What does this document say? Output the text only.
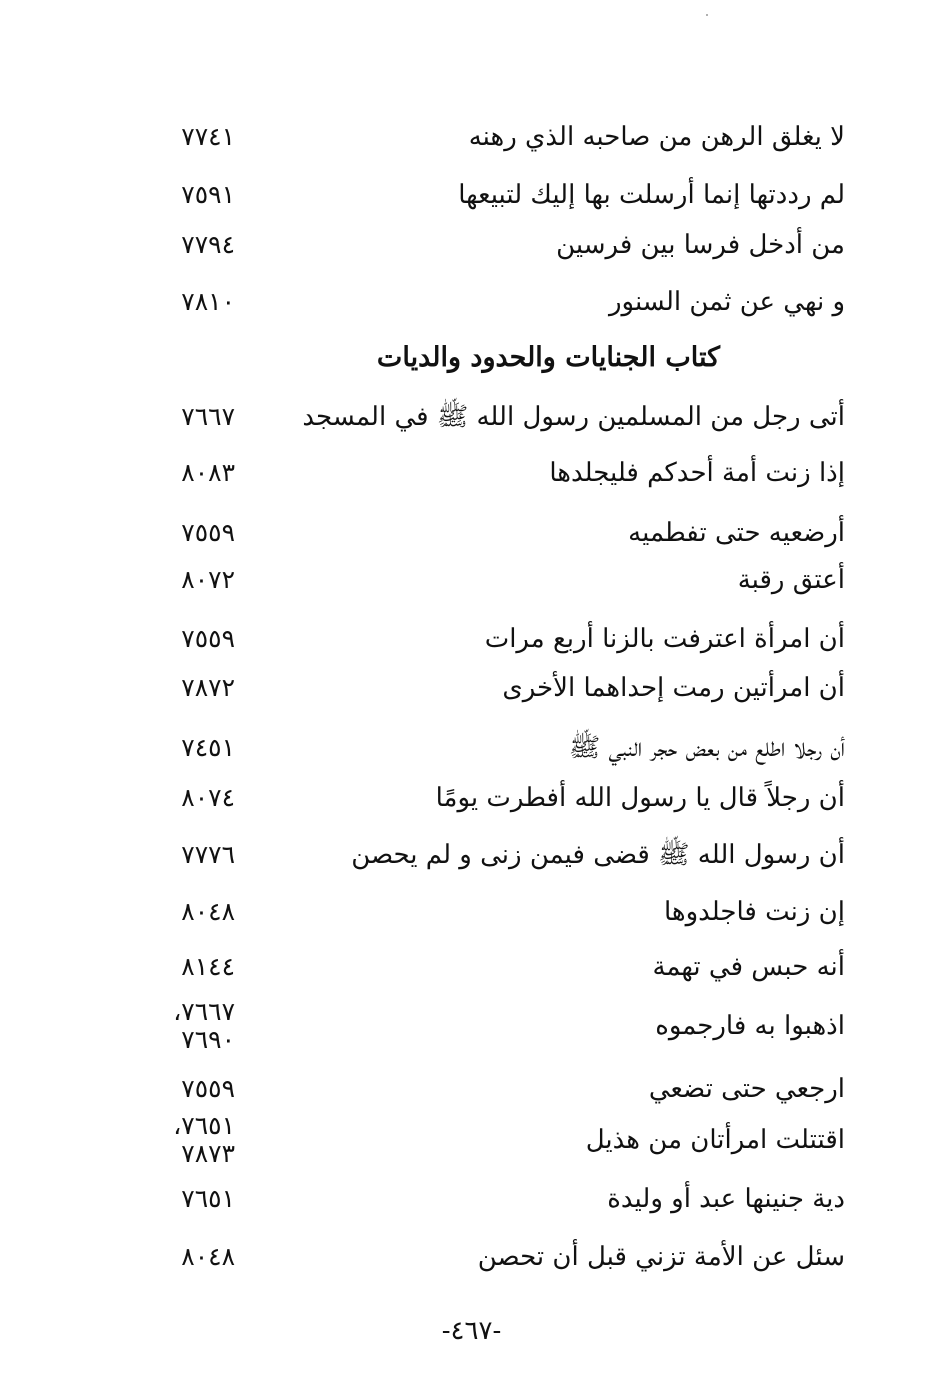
٧٧٤١	لا يغلق الرهن من صاحبه الذي رهنه
٧٥٩١	لم رددتها إنما أرسلت بها إليك لتبيعها
٧٧٩٤	من أدخل فرسا بين فرسين
٧٨١٠	و نهي عن ثمن السنور
كتاب الجنايات والحدود والديات
٧٦٦٧	أتى رجل من المسلمين رسول الله ﷺ في المسجد
٨٠٨٣	إذا زنت أمة أحدكم فليجلدها
٧٥٥٩	أرضعيه حتى تفطميه
٨٠٧٢	أعتق رقبة
٧٥٥٩	أن امرأة اعترفت بالزنا أربع مرات
٧٨٧٢	أن امرأتين رمت إحداهما الأخرى
٧٤٥١	أن رجلا اطلع من بعض حجر النبي ﷺ
٨٠٧٤	أن رجلاً قال يا رسول الله أفطرت يومًا
٧٧٧٦	أن رسول الله ﷺ قضى فيمن زنى و لم يحصن
٨٠٤٨	إن زنت فاجلدوها
٨١٤٤	أنه حبس في تهمة
٧٦٦٧،
٧٦٩٠	اذهبوا به فارجموه
٧٥٥٩	ارجعي حتى تضعي
٧٦٥١،
٧٨٧٣	اقتتلت امرأتان من هذيل
٧٦٥١	دية جنينها عبد أو وليدة
٨٠٤٨	سئل عن الأمة تزني قبل أن تحصن
-٤٦٧-
